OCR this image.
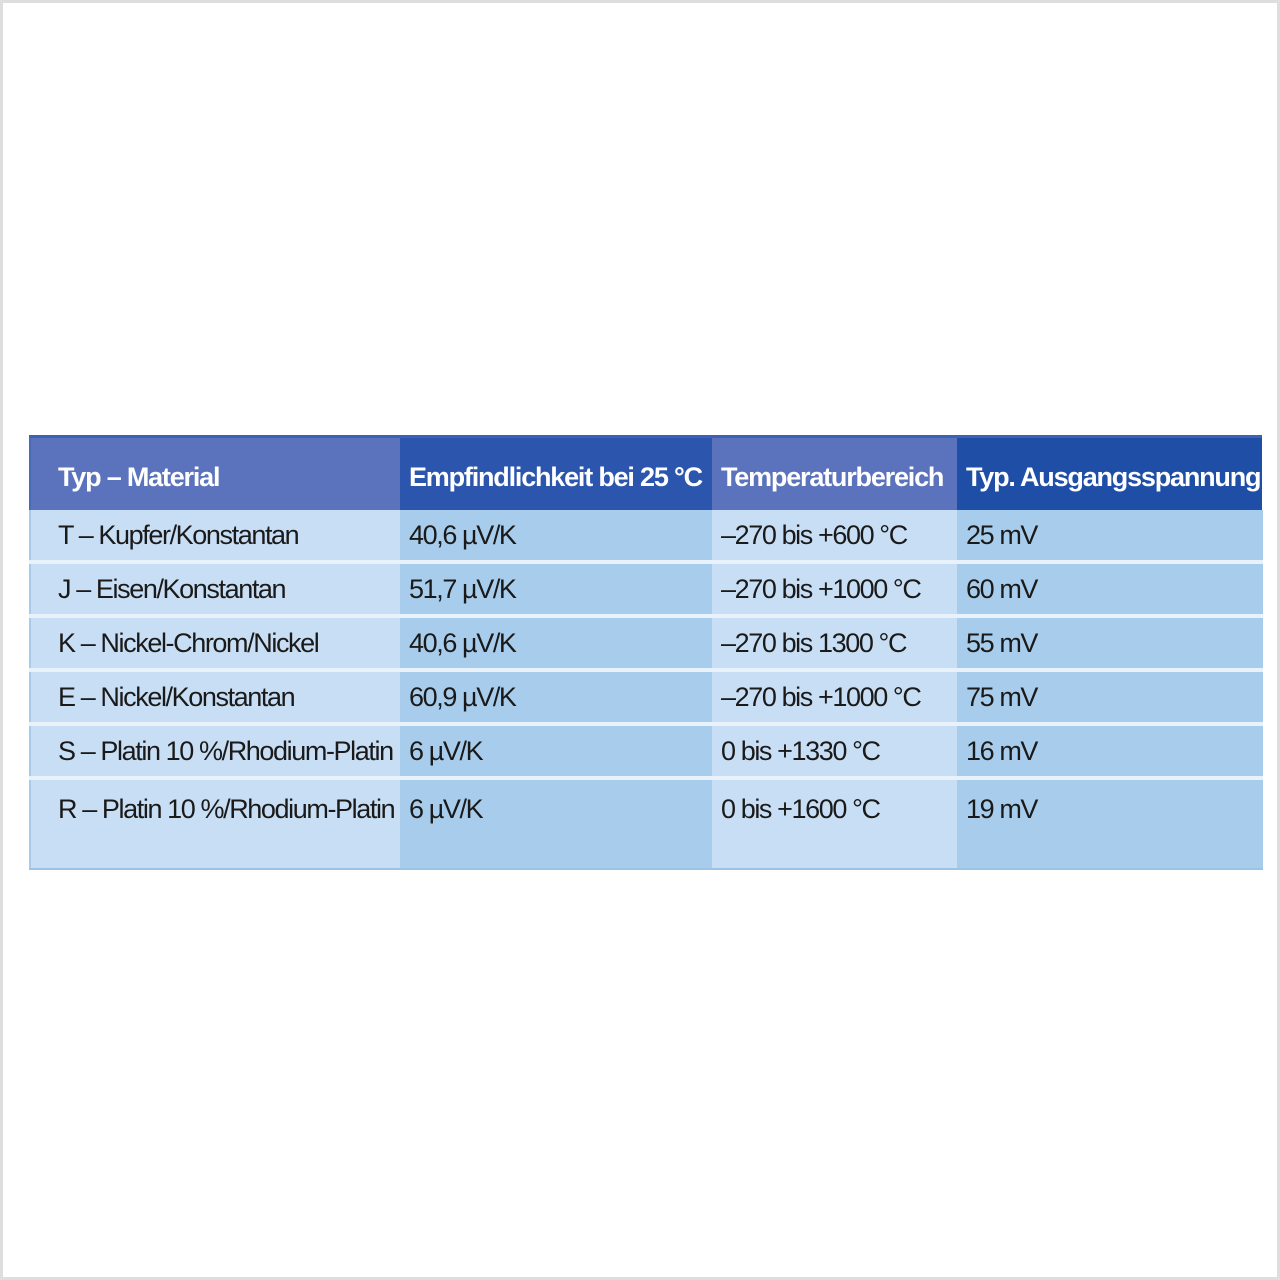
Typ – Material	Empfindlichkeit bei 25 °C	Temperaturbereich	Typ. Ausgangsspannung
T – Kupfer/Konstantan	40,6 µV/K	–270 bis +600 °C	25 mV
J – Eisen/Konstantan	51,7 µV/K	–270 bis +1000 °C	60 mV
K – Nickel-Chrom/Nickel	40,6 µV/K	–270 bis 1300 °C	55 mV
E – Nickel/Konstantan	60,9 µV/K	–270 bis +1000 °C	75 mV
S – Platin 10 %/Rhodium-Platin	6 µV/K	0 bis +1330 °C	16 mV
R – Platin 10 %/Rhodium-Platin	6 µV/K	0 bis +1600 °C	19 mV
